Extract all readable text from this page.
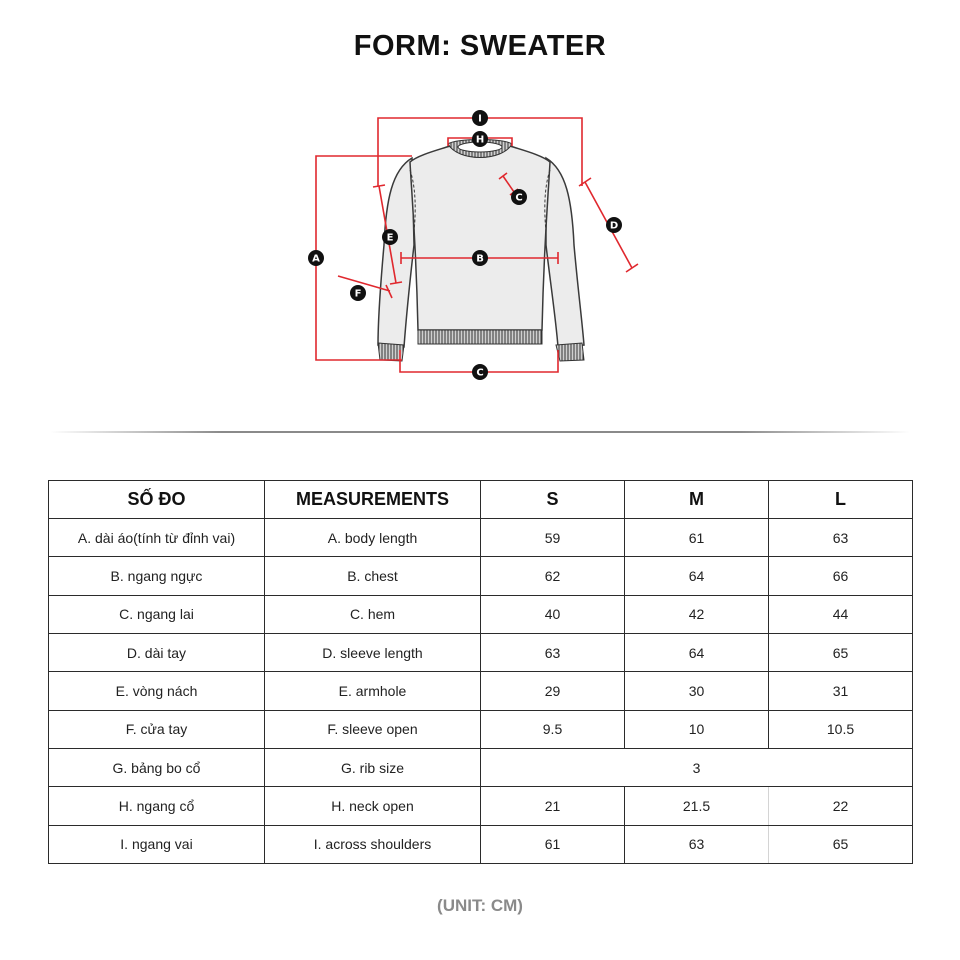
FORM: SWEATER
I
H
C
D
E
B
A
F
C
SỐ ĐO	MEASUREMENTS	S	M	L
A. dài áo(tính từ đỉnh vai)	A. body length	59	61	63
B. ngang ngực	B. chest	62	64	66
C. ngang lai	C. hem	40	42	44
D. dài tay	D. sleeve length	63	64	65
E. vòng nách	E. armhole	29	30	31
F. cửa tay	F. sleeve open	9.5	10	10.5
G. bảng bo cổ	G. rib size	3		
H. ngang cổ	H. neck open	21	21.5	22
I. ngang vai	I. across shoulders	61	63	65
(UNIT: CM)
